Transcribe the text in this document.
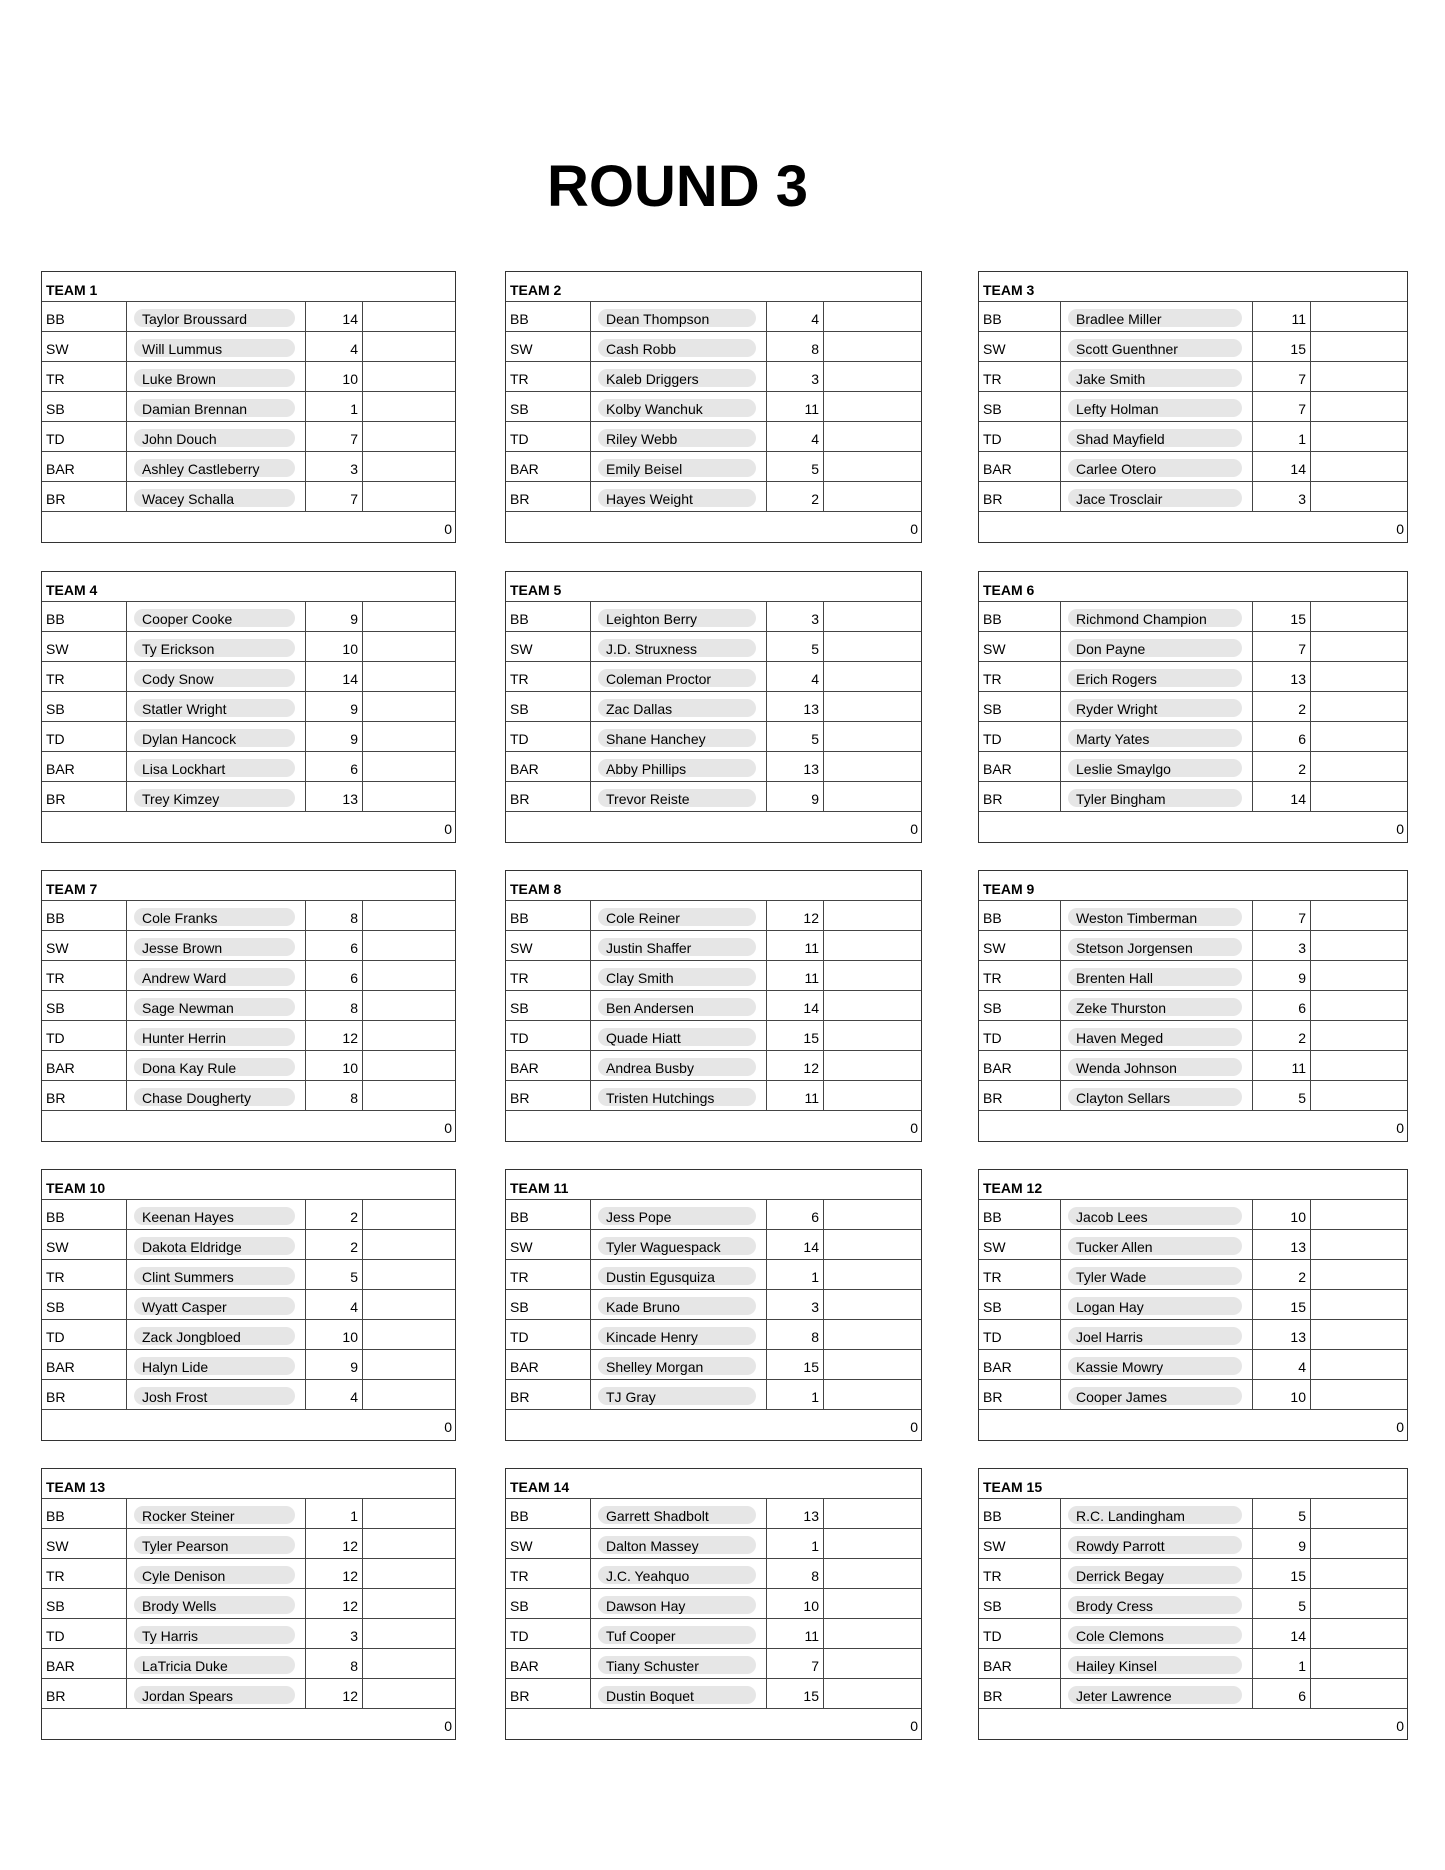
ROUND 3
TEAM 1
BB	Taylor Broussard	14
SW	Will Lummus	4
TR	Luke Brown	10
SB	Damian Brennan	1
TD	John Douch	7
BAR	Ashley Castleberry	3
BR	Wacey Schalla	7
0
TEAM 2
BB	Dean Thompson	4
SW	Cash Robb	8
TR	Kaleb Driggers	3
SB	Kolby Wanchuk	11
TD	Riley Webb	4
BAR	Emily Beisel	5
BR	Hayes Weight	2
0
TEAM 3
BB	Bradlee Miller	11
SW	Scott Guenthner	15
TR	Jake Smith	7
SB	Lefty Holman	7
TD	Shad Mayfield	1
BAR	Carlee Otero	14
BR	Jace Trosclair	3
0
TEAM 4
BB	Cooper Cooke	9
SW	Ty Erickson	10
TR	Cody Snow	14
SB	Statler Wright	9
TD	Dylan Hancock	9
BAR	Lisa Lockhart	6
BR	Trey Kimzey	13
0
TEAM 5
BB	Leighton Berry	3
SW	J.D. Struxness	5
TR	Coleman Proctor	4
SB	Zac Dallas	13
TD	Shane Hanchey	5
BAR	Abby Phillips	13
BR	Trevor Reiste	9
0
TEAM 6
BB	Richmond Champion	15
SW	Don Payne	7
TR	Erich Rogers	13
SB	Ryder Wright	2
TD	Marty Yates	6
BAR	Leslie Smaylgo	2
BR	Tyler Bingham	14
0
TEAM 7
BB	Cole Franks	8
SW	Jesse Brown	6
TR	Andrew Ward	6
SB	Sage Newman	8
TD	Hunter Herrin	12
BAR	Dona Kay Rule	10
BR	Chase Dougherty	8
0
TEAM 8
BB	Cole Reiner	12
SW	Justin Shaffer	11
TR	Clay Smith	11
SB	Ben Andersen	14
TD	Quade Hiatt	15
BAR	Andrea Busby	12
BR	Tristen Hutchings	11
0
TEAM 9
BB	Weston Timberman	7
SW	Stetson Jorgensen	3
TR	Brenten Hall	9
SB	Zeke Thurston	6
TD	Haven Meged	2
BAR	Wenda Johnson	11
BR	Clayton Sellars	5
0
TEAM 10
BB	Keenan Hayes	2
SW	Dakota Eldridge	2
TR	Clint Summers	5
SB	Wyatt Casper	4
TD	Zack Jongbloed	10
BAR	Halyn Lide	9
BR	Josh Frost	4
0
TEAM 11
BB	Jess Pope	6
SW	Tyler Waguespack	14
TR	Dustin Egusquiza	1
SB	Kade Bruno	3
TD	Kincade Henry	8
BAR	Shelley Morgan	15
BR	TJ Gray	1
0
TEAM 12
BB	Jacob Lees	10
SW	Tucker Allen	13
TR	Tyler Wade	2
SB	Logan Hay	15
TD	Joel Harris	13
BAR	Kassie Mowry	4
BR	Cooper James	10
0
TEAM 13
BB	Rocker Steiner	1
SW	Tyler Pearson	12
TR	Cyle Denison	12
SB	Brody Wells	12
TD	Ty Harris	3
BAR	LaTricia Duke	8
BR	Jordan Spears	12
0
TEAM 14
BB	Garrett Shadbolt	13
SW	Dalton Massey	1
TR	J.C. Yeahquo	8
SB	Dawson Hay	10
TD	Tuf Cooper	11
BAR	Tiany Schuster	7
BR	Dustin Boquet	15
0
TEAM 15
BB	R.C. Landingham	5
SW	Rowdy Parrott	9
TR	Derrick Begay	15
SB	Brody Cress	5
TD	Cole Clemons	14
BAR	Hailey Kinsel	1
BR	Jeter Lawrence	6
0
